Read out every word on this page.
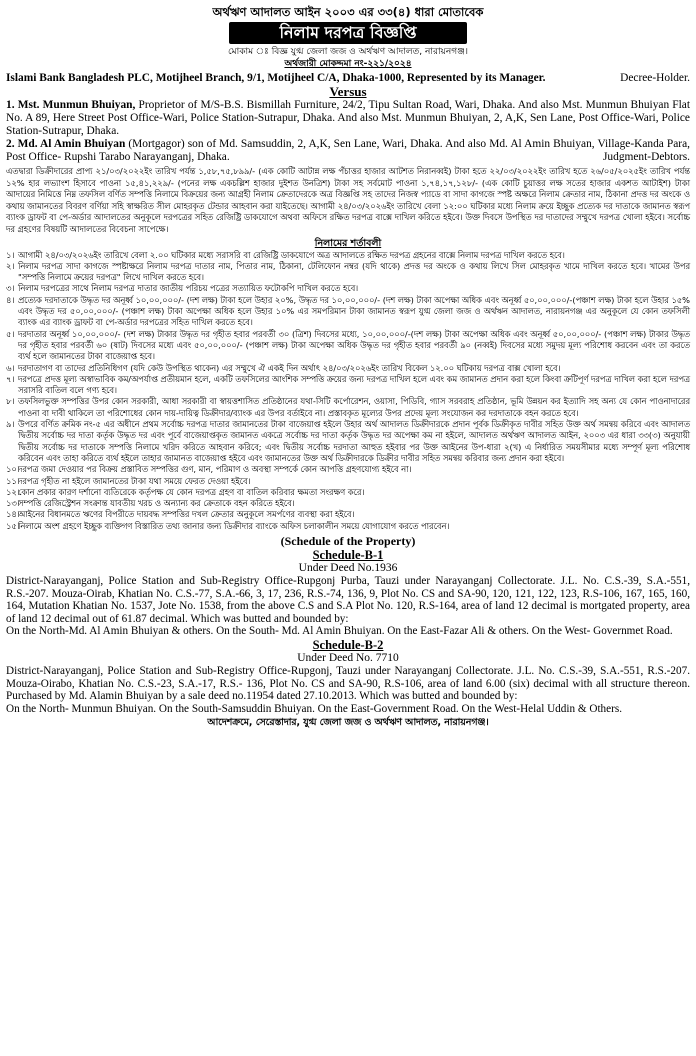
অর্থঋণ আদালত আইন ২০০৩ এর ৩৩(৪) ধারা মোতাবেক
নিলাম দরপত্র বিজ্ঞপ্তি
মোকাম ঃ বিজ্ঞ যুগ্ম জেলা জজ ও অর্থঋণ আদালত, নারায়নগঞ্জ।
অর্থজারী মোকদ্দমা নং-২২১/২০২৪
Islami Bank Bangladesh PLC, Motijheel Branch, 9/1, Motijheel C/A, Dhaka-1000, Represented by its Manager.	Decree-Holder.
Versus
1. Mst. Munmun Bhuiyan, Proprietor of M/S-B.S. Bismillah Furniture, 24/2, Tipu Sultan Road, Wari, Dhaka. And also Mst. Munmun Bhuiyan Flat No. A 89, Here Street Post Office-Wari, Police Station-Sutrapur, Dhaka. And also Mst. Munmun Bhuiyan, 2, A,K, Sen Lane, Post Office-Wari, Police Station-Sutrapur, Dhaka.
2. Md. Al Amin Bhuiyan (Mortgagor) son of Md. Samsuddin, 2, A,K, Sen Lane, Wari, Dhaka. And also Md. Al Amin Bhuiyan, Village-Kanda Para, Post Office- Rupshi Tarabo Narayanganj, Dhaka.	Judgment-Debtors.
এতদ্বারা ডিক্রীদারের প্রাপ্য ২১/০৩/২০২২ইং তারিখ পর্যন্ত ১,৫৮,৭৫,৮৯৯/- (এক কোটি আটান্ন লক্ষ পঁচাত্তর হাজার আটশত নিরানব্বই) টাকা হতে ২২/০৩/২০২২ইং তারিখ হতে ২৬/০৫/২০২৫ইং তারিখ পর্যন্ত ১২% হার লভ্যাংশ হিসাবে পাওনা ১৫,৪১,২২৯/- (পনের লক্ষ একচল্লিশ হাজার দুইশত উনত্রিশ) টাকা সহ সর্বমোট পাওনা ১,৭৪,১৭,১২৮/- (এক কোটি চুয়াত্তর লক্ষ সতের হাজার একশত আটাইশ) টাকা আদায়ের নিমিত্তে নিম্ন তফসিল বর্ণিত সম্পত্তি নিলামে বিক্রয়ের জন্য আগ্রহী নিলাম ক্রেতাদেরকে অত্র বিজ্ঞপ্তি সহ তাদের নিজস্ব প্যাডে বা সাদা কাগজে স্পষ্ট অক্ষরে নিলাম ক্রেতার নাম, ঠিকানা প্রদত্ত দর অংকে ও কথায় জামানতের বিবরণ বর্ণিয়া সহি স্বাক্ষরিত সীল মোহরকৃত টেন্ডার আহবান করা যাইতেছে। আগামী ২৪/০৩/২০২৬ইং তারিখে বেলা ১২:০০ ঘটিকার মধ্যে নিলাম ক্রয়ে ইচ্ছুক প্রত্যেক দর দাতাকে জামানত স্বরূপ ব্যাংক ড্রাফট বা পে-অর্ডার আদালতের অনুকূলে দরপত্রের সহিত রেজিষ্ট্রি ডাকযোগে অথবা অফিসে রক্ষিত দরপত্র বাক্সে দাখিল করিতে হইবে। উক্ত দিবসে উপস্থিত দর দাতাদের সম্মুখে দরপত্র খোলা হইবে। সর্বোচ্চ দর গ্রহণের বিষয়টি আদালতের বিবেচনা সাপেক্ষে।
নিলামের শর্তাবলী
১। আগামী ২৪/০৩/২০২৬ইং তারিখে বেলা ২.০০ ঘটিকার মধ্যে সরাসরি বা রেজিষ্ট্রি ডাকযোগে অত্র আদালতে রক্ষিত দরপত্র গ্রহনের বাক্সে নিলাম দরপত্র দাখিল করতে হবে।
২। নিলাম দরপত্র সাদা কাগজে স্পষ্টাক্ষরে নিলাম দরপত্র দাতার নাম, পিতার নাম, ঠিকানা, টেলিফোন নম্বর (যদি থাকে) প্রদত্ত দর অংকে ও কথায় লিখে সিল মোহরকৃত খামে দাখিল করতে হবে। খামের উপর "সম্পত্তি নিলামে ক্রয়ের দরপত্র" লিখে দাখিল করতে হবে।
৩। নিলাম দরপত্রের সাথে নিলাম দরপত্র দাতার জাতীয় পরিচয় পত্রের সত্যায়িত ফটোকপি দাখিল করতে হবে।
৪। প্রত্যেক দরদাতাকে উদ্ধৃত দর অনূর্ধ্ব ১০,০০,০০০/- (দশ লক্ষ) টাকা হলে উহার ২০%, উদ্ধৃত দর ১০,০০,০০০/- (দশ লক্ষ) টাকা অপেক্ষা অধিক এবং অনূর্ধ্ব ৫০,০০,০০০/-(পঞ্চাশ লক্ষ) টাকা হলে উহার ১৫% এবং উদ্ধৃত দর ৫০,০০,০০০/- (পঞ্চাশ লক্ষ) টাকা অপেক্ষা অধিক হলে উহার ১০% এর সমপরিমান টাকা জামানত স্বরূপ যুগ্ম জেলা জজ ও অর্থঋন আদালত, নারায়নগঞ্জ এর অনুকূলে যে কোন তফসিলী ব্যাংক এর ব্যাংক ড্রাফট বা পে-অর্ডার দরপত্রের সহিত দাখিল করতে হবে।
৫। দরদাতার অনূর্ধ্ব ১০,০০,০০০/- (দশ লক্ষ) টাকার উদ্ধৃত দর গৃহীত হবার পরবর্তী ৩০ (ত্রিশ) দিবসের মধ্যে, ১০,০০,০০০/-(দশ লক্ষ) টাকা অপেক্ষা অধিক এবং অনূর্ধ্ব ৫০,০০,০০০/- (পঞ্চাশ লক্ষ) টাকার উদ্ধৃত দর গৃহীত হবার পরবর্তী ৬০ (ষাট) দিবসের মধ্যে এবং ৫০,০০,০০০/- (পঞ্চাশ লক্ষ) টাকা অপেক্ষা অধিক উদ্ধৃত দর গৃহীত হবার পরবর্তী ৯০ (নব্বই) দিবসের মধ্যে সমুদয় মূল্য পরিশোধ করবেন এবং তা করতে ব্যর্থ হলে জামানতের টাকা বাজেয়াপ্ত হবে।
৬। দরদাতাগণ বা তাদের প্রতিনিধিগণ (যদি কেউ উপস্থিত থাকেন) এর সম্মুখে ঐ একই দিন অর্থাৎ ২৪/০৩/২০২৬ইং তারিখ বিকেল ১২.০০ ঘটিকায় দরপত্র বাক্স খোলা হবে।
৭। দরপত্রে প্রদত্ত মূল্য অস্বাভাবিক কম/অপর্যাপ্ত প্রতীয়মান হলে, একটি তফসিলের আংশিক সম্পত্তি ক্রয়ের জন্য দরপত্র দাখিল হলে এবং কম জামানত প্রদান করা হলে কিংবা ক্রটিপূর্ণ দরপত্র দাখিল করা হলে দরপত্র সরাসরি বাতিল বলে গণ্য হবে।
৮। তফসিলভুক্ত সম্পত্তির উপর কোন সরকারী, আধা সরকারী বা স্বায়ত্তশাসিত প্রতিষ্ঠানের যথা-সিটি কর্পোরেশন, ওয়াসা, পিডিবি, গ্যাস সরবরাহ প্রতিষ্ঠান, ভূমি উন্নয়ন কর ইত্যাদি সহ অন্য যে কোন পাওনাদারের পাওনা বা দাবী থাকিলে তা পরিশোধের কোন দায়-দায়িত্ব ডিক্রীদার/ব্যাংক এর উপর বর্তাইবে না। প্রস্তাবকৃত মূল্যের উপর প্রদেয় মূল্য সংযোজন কর দরদাতাকে বহন করতে হবে।
৯। উপরে বর্ণিত ক্রমিক নং-৫ এর অধীনে প্রথম সর্বোচ্চ দরপত্র দাতার জামানতের টাকা বাজেয়াপ্ত হইলে উহার অর্থ আদালত ডিক্রীদারকে প্রদান পূর্বক ডিক্রীকৃত দাবীর সহিত উক্ত অর্থ সমন্বয় করিবে এবং আদালত দ্বিতীয় সর্বোচ্চ দর দাতা কর্তৃক উদ্ধৃত দর এবং পূর্বে বাজেয়াপ্তকৃত জামানত একত্রে সর্বোচ্চ দর দাতা কর্তৃক উদ্ধৃত দর অপেক্ষা কম না হইলে, আদালত অর্থঋণ আদালত আইন, ২০০৩ এর ধারা ৩৩(৩) অনুযায়ী দ্বিতীয় সর্বোচ্চ দর দাতাকে সম্পত্তি নিলামে খরিদ করিতে আহবান করিবে; এবং দ্বিতীয় সর্বোচ্চ দরদাতা আহুত হইবার পর উক্ত আইনের উপ-ধারা ২(খ) এ নির্ধারিত সময়সীমার মধ্যে সম্পূর্ণ মূল্য পরিশোধ করিবেন এবং তাহা করিতে ব্যর্থ হইলে তাহার জামানত বাজেয়াপ্ত হইবে এবং জামানতের উক্ত অর্থ ডিক্রীদারকে ডিক্রীর দাবীর সহিত সমন্বয় করিবার জন্য প্রদান করা হইবে।
১০।
দরপত্র জমা দেওয়ার পর বিক্রয় প্রস্তাবিত সম্পত্তির গুণ, মান, পরিমাণ ও অবস্থা সম্পর্কে কোন আপত্তি গ্রহণযোগ্য হইবে না।
১১।
দরপত্র গৃহীত না হইলে জামানতের টাকা যথা সময়ে ফেরত দেওয়া হইবে।
১২।
কোন প্রকার কারণ দর্শানো ব্যতিরেকে কর্তৃপক্ষ যে কোন দরপত্র গ্রহণ বা বাতিল করিবার ক্ষমতা সংরক্ষণ করে।
১৩।
সম্পত্তি রেজিস্ট্রেশন সংক্রান্ত যাবতীয় খরচ ও অন্যান্য কর ক্রেতাকে বহন করিতে হইবে।
১৪।
আইনের বিধানমতে ঋণের বিপরীতে দায়বদ্ধ সম্পত্তির দখল ক্রেতার অনুকূলে সমর্পণের ব্যবস্থা করা হইবে।
১৫।
নিলামে অংশ গ্রহণে ইচ্ছুক ব্যক্তিগণ বিস্তারিত তথ্য জানার জন্য ডিক্রীদার ব্যাংকে অফিস চলাকালীন সময়ে যোগাযোগ করতে পারবেন।
(Schedule of the Property)
Schedule-B-1
Under Deed No.1936
District-Narayanganj, Police Station and Sub-Registry Office-Rupgonj Purba, Tauzi under Narayanganj Collectorate. J.L. No. C.S.-39, S.A.-551, R.S.-207. Mouza-Oirab, Khatian No. C.S.-77, S.A.-66, 3, 17, 236, R.S.-74, 136, 9, Plot No. CS and SA-90, 120, 121, 122, 123, R.S-106, 167, 165, 160, 164, Mutation Khatian No. 1537, Jote No. 1538, from the above C.S and S.A Plot No. 120, R.S-164, area of land 12 decimal is mortgated property, area of land 12 decimal out of 61.87 decimal. Which was butted and bounded by:
On the North-Md. Al Amin Bhuiyan & others. On the South- Md. Al Amin Bhuiyan. On the East-Fazar Ali & others. On the West- Governmet Road.
Schedule-B-2
Under Deed No. 7710
District-Narayanganj, Police Station and Sub-Registry Office-Rupgonj, Tauzi under Narayanganj Collectorate. J.L. No. C.S.-39, S.A.-551, R.S.-207. Mouza-Oirabo, Khatian No. C.S.-23, S.A.-17, R.S.- 136, Plot No. CS and SA-90, R.S-106, area of land 6.00 (six) decimal with all structure thereon. Purchased by Md. Alamin Bhuiyan by a sale deed no.11954 dated 27.10.2013. Which was butted and bounded by:
On the North- Munmun Bhuiyan. On the South-Samsuddin Bhuiyan. On the East-Government Road. On the West-Helal Uddin & Others.
আদেশক্রমে, সেরেস্তাদার, যুগ্ম জেলা জজ ও অর্থঋণ আদালত, নারায়নগঞ্জ।
